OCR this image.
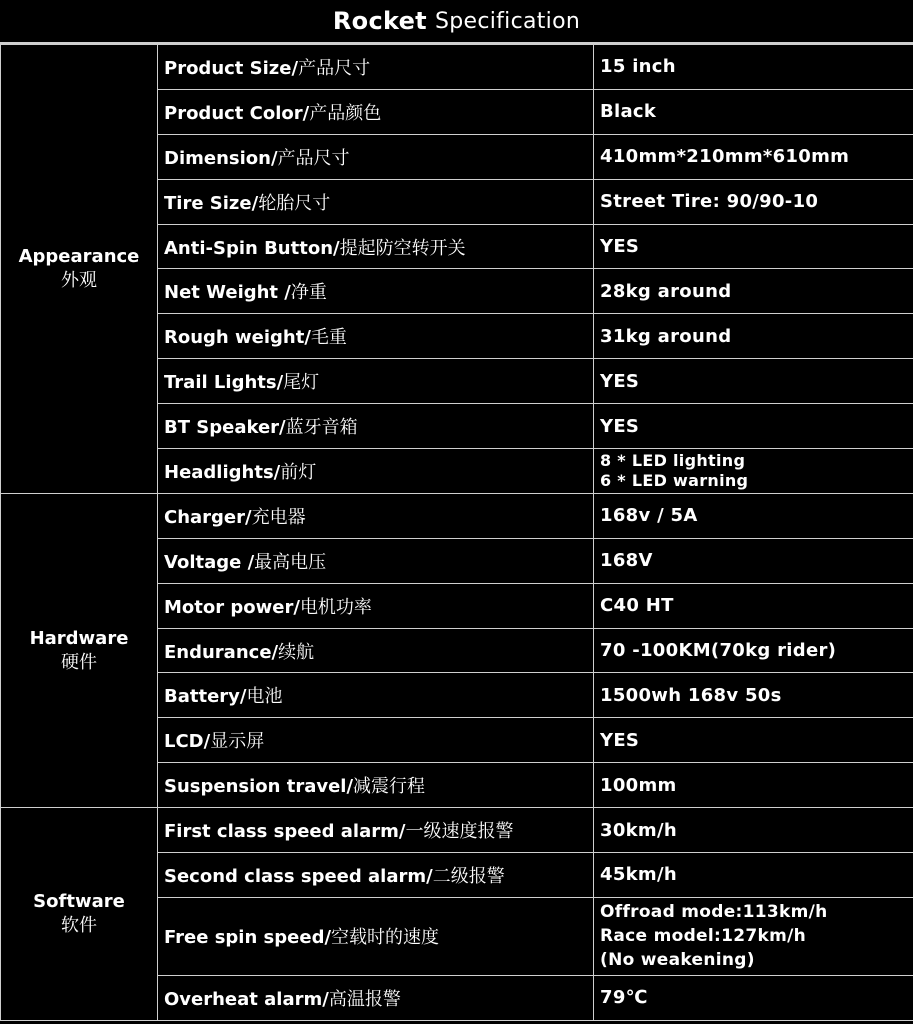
Rocket Specification
Appearance
外观	Product Size/产品尺寸	15 inch
	Product Color/产品颜色	Black
	Dimension/产品尺寸	410mm*210mm*610mm
	Tire Size/轮胎尺寸	Street Tire: 90/90-10
	Anti-Spin Button/提起防空转开关	YES
	Net Weight /净重	28kg around
	Rough weight/毛重	31kg around
	Trail Lights/尾灯	YES
	BT Speaker/蓝牙音箱	YES
	Headlights/前灯	8 * LED lighting
6 * LED warning

Hardware
硬件	Charger/充电器	168v / 5A
	Voltage /最高电压	168V
	Motor power/电机功率	C40 HT
	Endurance/续航	70 -100KM(70kg rider)
	Battery/电池	1500wh 168v 50s
	LCD/显示屏	YES
	Suspension travel/减震行程	100mm

Software
软件	First class speed alarm/一级速度报警	30km/h
	Second class speed alarm/二级报警	45km/h
	Free spin speed/空载时的速度	Offroad mode:113km/h
Race model:127km/h
(No weakening)

	Overheat alarm/高温报警	79℃
